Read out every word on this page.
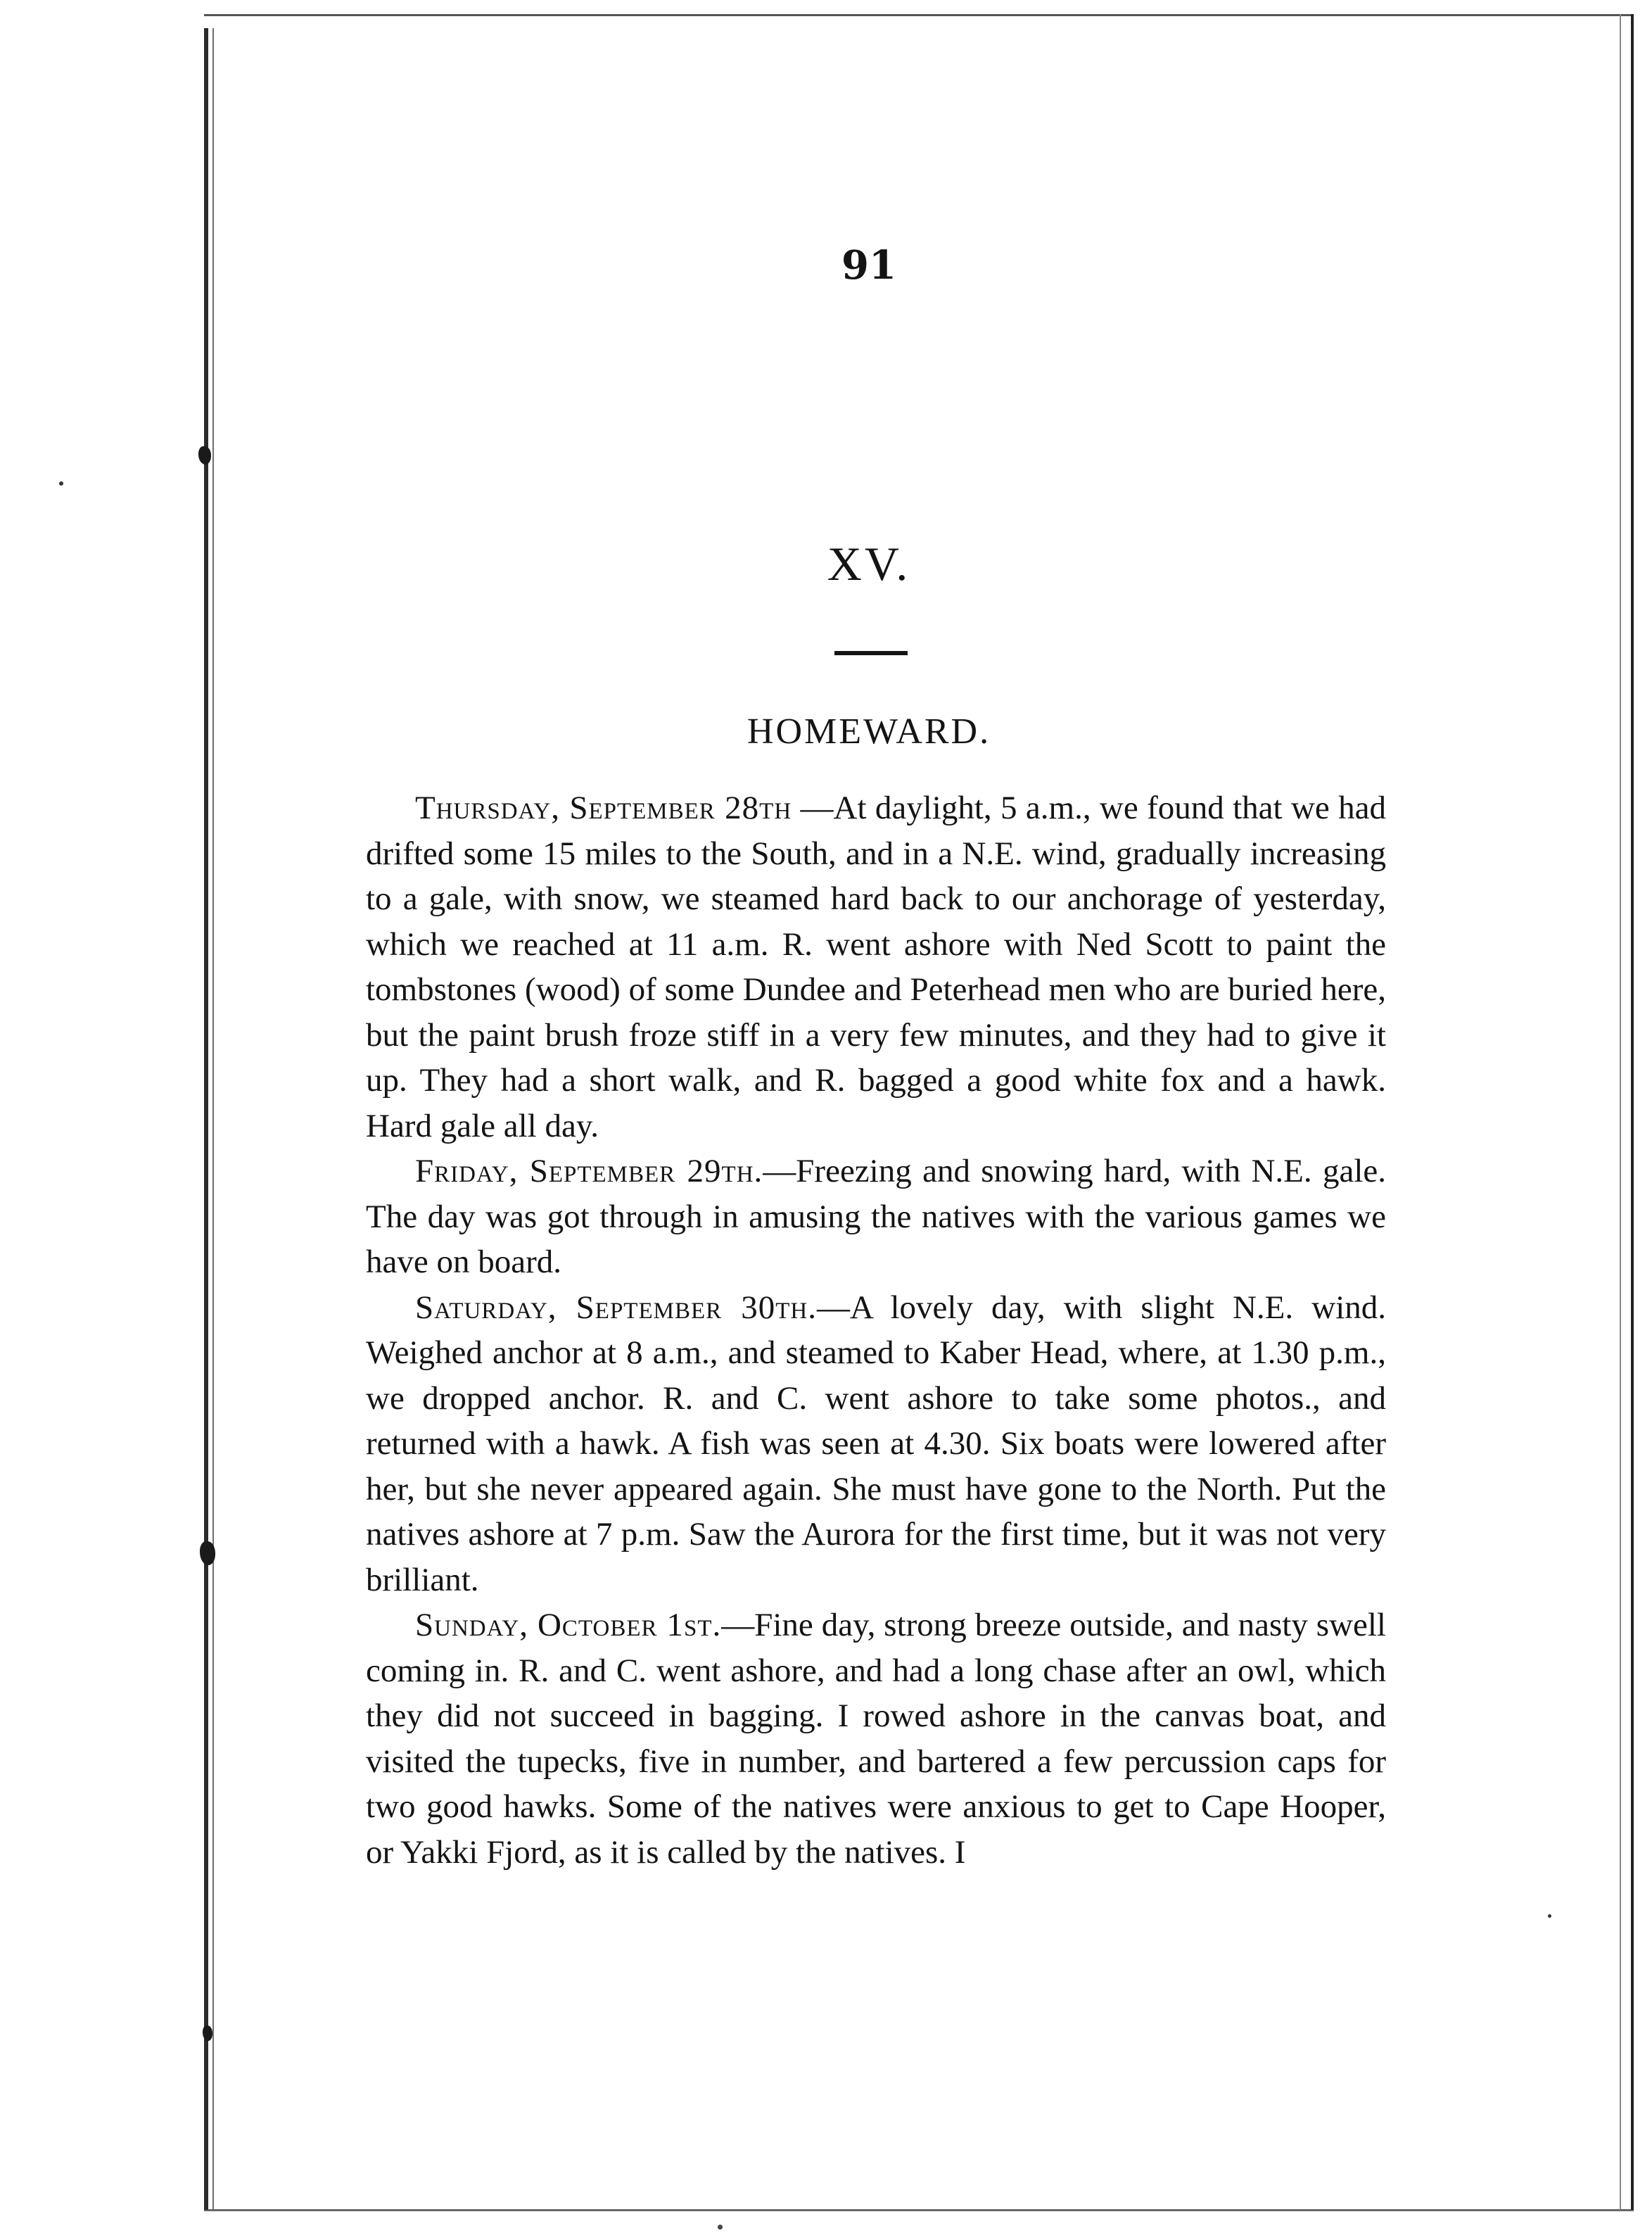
91
XV.
HOMEWARD.

Thursday, September 28th —At daylight, 5 a.m., we found that we had drifted some 15 miles to the South, and in a N.E. wind, gradually increasing to a gale, with snow, we steamed hard back to our anchorage of yesterday, which we reached at 11 a.m. R. went ashore with Ned Scott to paint the tombstones (wood) of some Dundee and Peterhead men who are buried here, but the paint brush froze stiff in a very few minutes, and they had to give it up. They had a short walk, and R. bagged a good white fox and a hawk. Hard gale all day.

Friday, September 29th.—Freezing and snowing hard, with N.E. gale. The day was got through in amusing the natives with the various games we have on board.

Saturday, September 30th.—A lovely day, with slight N.E. wind. Weighed anchor at 8 a.m., and steamed to Kaber Head, where, at 1.30 p.m., we dropped anchor. R. and C. went ashore to take some photos., and returned with a hawk. A fish was seen at 4.30. Six boats were lowered after her, but she never appeared again. She must have gone to the North. Put the natives ashore at 7 p.m. Saw the Aurora for the first time, but it was not very brilliant.

Sunday, October 1st.—Fine day, strong breeze outside, and nasty swell coming in. R. and C. went ashore, and had a long chase after an owl, which they did not succeed in bagging. I rowed ashore in the canvas boat, and visited the tupecks, five in number, and bartered a few percussion caps for two good hawks. Some of the natives were anxious to get to Cape Hooper, or Yakki Fjord, as it is called by the natives. I
